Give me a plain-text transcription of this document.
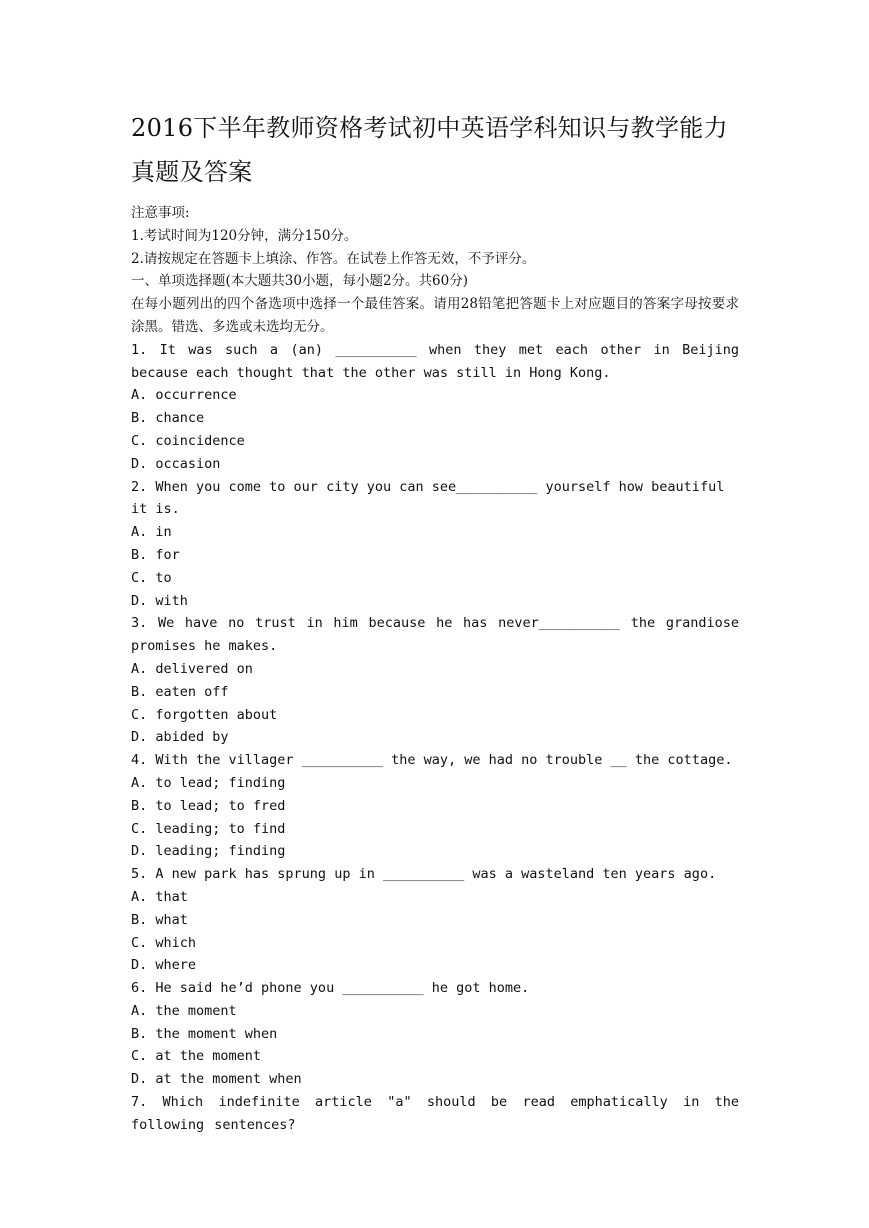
2016下半年教师资格考试初中英语学科知识与教学能力真题及答案

注意事项:

1.考试时间为120分钟，满分150分。

2.请按规定在答题卡上填涂、作答。在试卷上作答无效，不予评分。

一、单项选择题(本大题共30小题，每小题2分。共60分)

在每小题列出的四个备选项中选择一个最佳答案。请用28铅笔把答题卡上对应题目的答案字母按要求涂黑。错选、多选或未选均无分。

1. It was such a (an) __________ when they met each other in Beijing because each thought that the other was still in Hong Kong.

A. occurrence

B. chance

C. coincidence

D. occasion

2. When you come to our city you can see__________ yourself how beautiful it is.

A. in

B. for

C. to

D. with

3. We have no trust in him because he has never__________ the grandiose promises he makes.

A. delivered on

B. eaten off

C. forgotten about

D. abided by

4. With the villager __________ the way, we had no trouble __ the cottage.

A. to lead; finding

B. to lead; to fred

C. leading; to find

D. leading; finding

5. A new park has sprung up in __________ was a wasteland ten years ago.

A. that

B. what

C. which

D. where

6. He said he’d phone you __________ he got home.

A. the moment

B. the moment when

C. at the moment

D. at the moment when

7. Which indefinite article "a" should be read emphatically in the following sentences?
